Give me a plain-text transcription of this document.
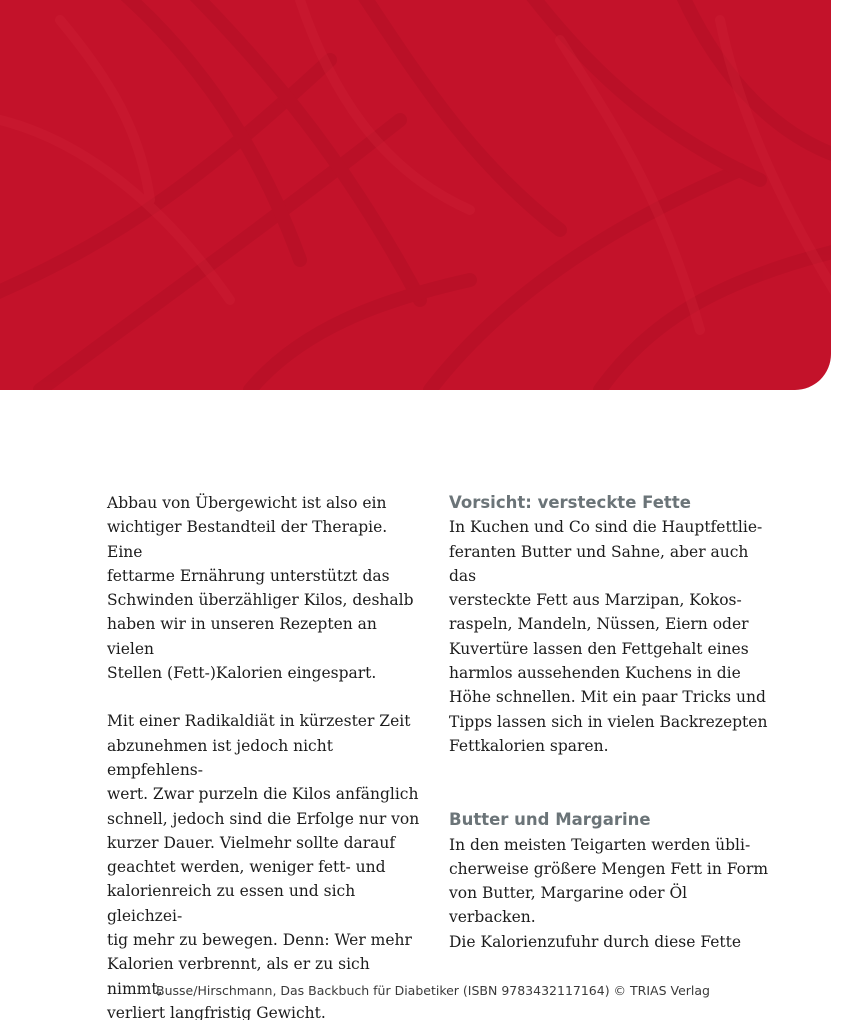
Abbau von Übergewicht ist also ein
wichtiger Bestandteil der Therapie. Eine
fettarme Ernährung unterstützt das
Schwinden überzähliger Kilos, deshalb
haben wir in unseren Rezepten an vielen
Stellen (Fett-)Kalorien eingespart.

Mit einer Radikaldiät in kürzester Zeit
abzunehmen ist jedoch nicht empfehlens-
wert. Zwar purzeln die Kilos anfänglich
schnell, jedoch sind die Erfolge nur von
kurzer Dauer. Vielmehr sollte darauf
geachtet werden, weniger fett- und
kalorienreich zu essen und sich gleichzei-
tig mehr zu bewegen. Denn: Wer mehr
Kalorien verbrennt, als er zu sich nimmt,
verliert langfristig Gewicht.

Vorsicht: versteckte Fette

In Kuchen und Co sind die Hauptfettlie-
feranten Butter und Sahne, aber auch das
versteckte Fett aus Marzipan, Kokos-
raspeln, Mandeln, Nüssen, Eiern oder
Kuvertüre lassen den Fettgehalt eines
harmlos aussehenden Kuchens in die
Höhe schnellen. Mit ein paar Tricks und
Tipps lassen sich in vielen Backrezepten
Fettkalorien sparen.

Butter und Margarine

In den meisten Teigarten werden übli-
cherweise größere Mengen Fett in Form
von Butter, Margarine oder Öl verbacken.
Die Kalorienzufuhr durch diese Fette

Busse/Hirschmann, Das Backbuch für Diabetiker (ISBN 9783432117164) © TRIAS Verlag
